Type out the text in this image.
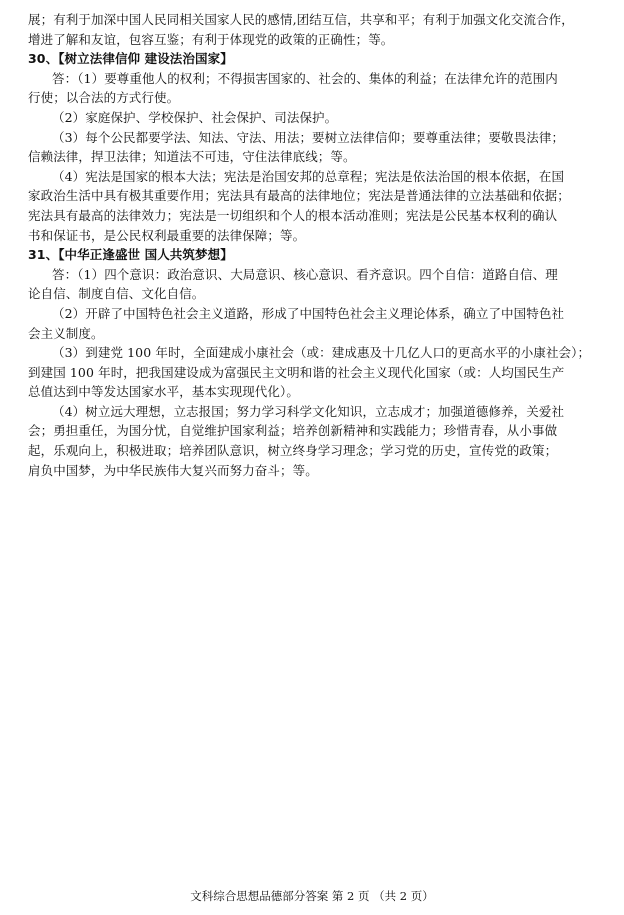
展；有利于加深中国人民同相关国家人民的感情,团结互信，共享和平；有利于加强文化交流合作，
增进了解和友谊，包容互鉴；有利于体现党的政策的正确性；等。
30、【树立法律信仰 建设法治国家】
答：（1）要尊重他人的权利；不得损害国家的、社会的、集体的利益；在法律允许的范围内
行使；以合法的方式行使。
（2）家庭保护、学校保护、社会保护、司法保护。
（3）每个公民都要学法、知法、守法、用法；要树立法律信仰；要尊重法律；要敬畏法律；
信赖法律，捍卫法律；知道法不可违，守住法律底线；等。
（4）宪法是国家的根本大法；宪法是治国安邦的总章程；宪法是依法治国的根本依据，在国
家政治生活中具有极其重要作用；宪法具有最高的法律地位；宪法是普通法律的立法基础和依据；
宪法具有最高的法律效力；宪法是一切组织和个人的根本活动准则；宪法是公民基本权利的确认
书和保证书，是公民权利最重要的法律保障；等。
31、【中华正逢盛世 国人共筑梦想】
答：（1）四个意识：政治意识、大局意识、核心意识、看齐意识。四个自信：道路自信、理
论自信、制度自信、文化自信。
（2）开辟了中国特色社会主义道路，形成了中国特色社会主义理论体系，确立了中国特色社
会主义制度。
（3）到建党 100 年时，全面建成小康社会（或：建成惠及十几亿人口的更高水平的小康社会）；
到建国 100 年时，把我国建设成为富强民主文明和谐的社会主义现代化国家（或：人均国民生产
总值达到中等发达国家水平，基本实现现代化）。
（4）树立远大理想，立志报国；努力学习科学文化知识，立志成才；加强道德修养，关爱社
会；勇担重任，为国分忧，自觉维护国家利益；培养创新精神和实践能力；珍惜青春，从小事做
起，乐观向上，积极进取；培养团队意识，树立终身学习理念；学习党的历史，宣传党的政策；
肩负中国梦，为中华民族伟大复兴而努力奋斗；等。
文科综合思想品德部分答案 第 2 页 （共 2 页）
